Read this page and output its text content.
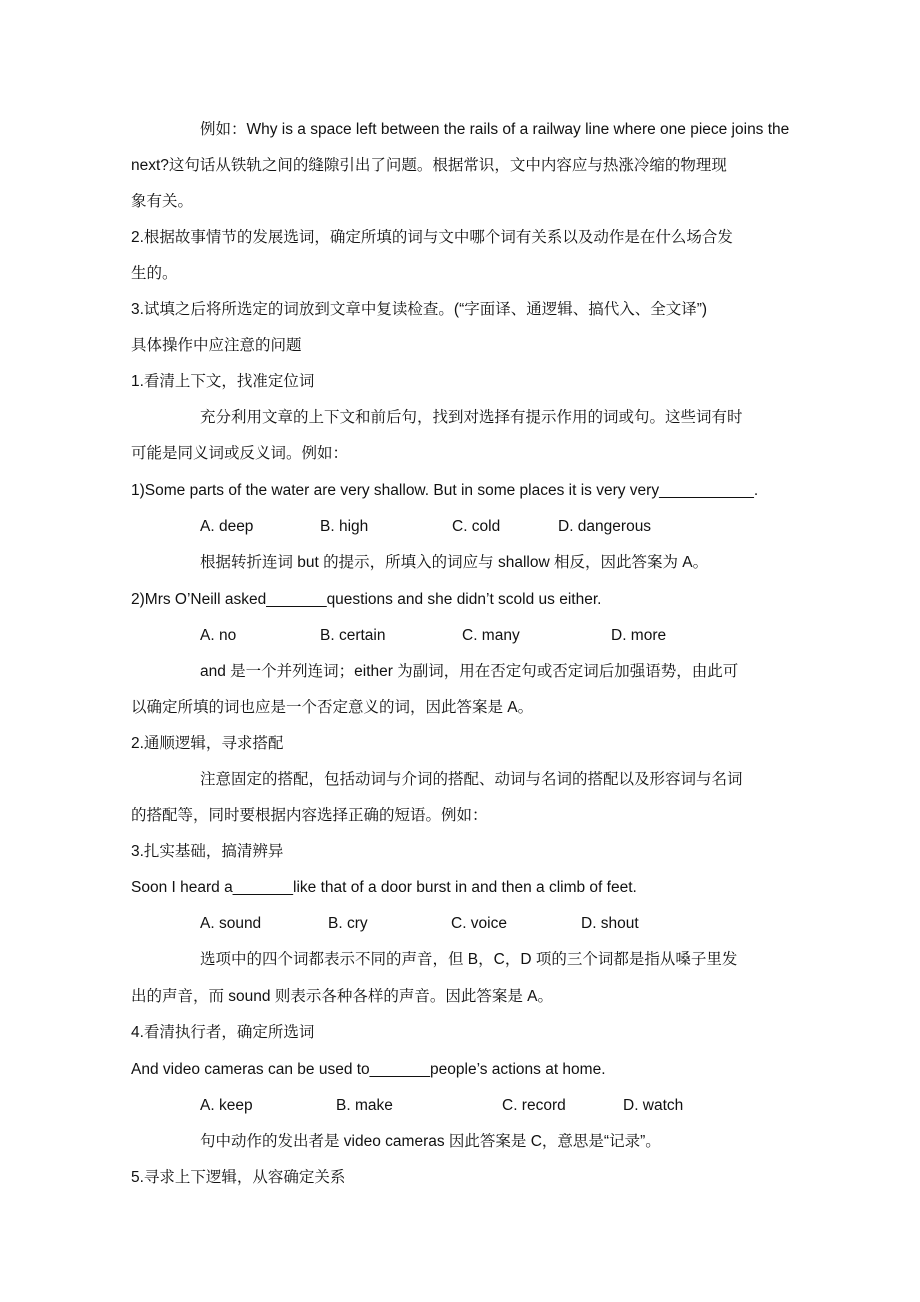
例如：Why is a space left between the rails of a railway line where one piece joins the
next?这句话从铁轨之间的缝隙引出了问题。根据常识，文中内容应与热涨冷缩的物理现
象有关。
2.根据故事情节的发展选词，确定所填的词与文中哪个词有关系以及动作是在什么场合发
生的。
3.试填之后将所选定的词放到文章中复读检查。(“字面译、通逻辑、搞代入、全文译”)
具体操作中应注意的问题
1.看清上下文，找准定位词
充分利用文章的上下文和前后句，找到对选择有提示作用的词或句。这些词有时
可能是同义词或反义词。例如：
1)Some parts of the water are very shallow. But in some places it is very very___________.
A. deep	B. high	C. cold	D. dangerous
根据转折连词 but 的提示，所填入的词应与 shallow 相反，因此答案为 A。
2)Mrs O’Neill asked_______questions and she didn’t scold us either.
A. no	B. certain	C. many	D. more
and 是一个并列连词；either 为副词，用在否定句或否定词后加强语势，由此可
以确定所填的词也应是一个否定意义的词，因此答案是 A。
2.通顺逻辑，寻求搭配
注意固定的搭配，包括动词与介词的搭配、动词与名词的搭配以及形容词与名词
的搭配等，同时要根据内容选择正确的短语。例如：
3.扎实基础，搞清辨异
Soon I heard a_______like that of a door burst in and then a climb of feet.
A. sound	B. cry	C. voice	D. shout
选项中的四个词都表示不同的声音，但 B，C，D 项的三个词都是指从嗓子里发
出的声音，而 sound 则表示各种各样的声音。因此答案是 A。
4.看清执行者，确定所选词
And video cameras can be used to_______people’s actions at home.
A. keep	B. make	C. record	D. watch
句中动作的发出者是 video cameras 因此答案是 C，意思是“记录”。
5.寻求上下逻辑，从容确定关系
